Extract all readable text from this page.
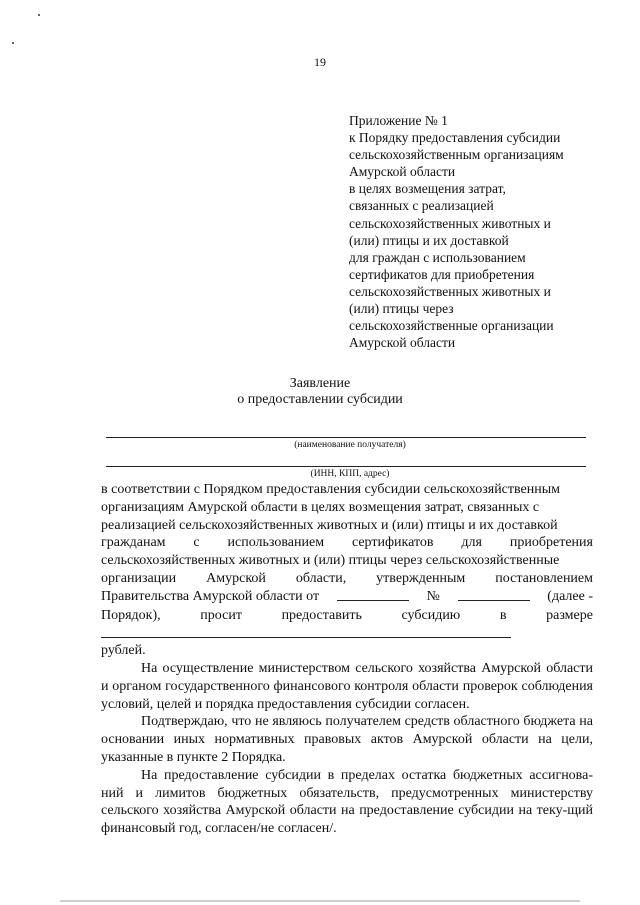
19
Приложение № 1
к Порядку предоставления субсидии
сельскохозяйственным организациям
Амурской области
в целях возмещения затрат,
связанных с реализацией
сельскохозяйственных животных и
(или) птицы и их доставкой
для граждан с использованием
сертификатов для приобретения
сельскохозяйственных животных и
(или) птицы через
сельскохозяйственные организации
Амурской области
Заявление
о предоставлении субсидии
(наименование получателя)
(ИНН, КПП, адрес)
в соответствии с Порядком предоставления субсидии сельскохозяйственным
организациям Амурской области в целях возмещения затрат, связанных с
реализацией сельскохозяйственных животных и (или) птицы и их доставкой
гражданам с использованием сертификатов для приобретения
сельскохозяйственных животных и (или) птицы через сельскохозяйственные
организации Амурской области, утвержденным постановлением
Правительства Амурской области от	№	(далее -
Порядок),	просит	предоставить	субсидию	в	размере
рублей.

На осуществление министерством сельского хозяйства Амурской области и органом государственного финансового контроля области проверок соблюдения условий, целей и порядка предоставления субсидии согласен.

Подтверждаю, что не являюсь получателем средств областного бюджета на основании иных нормативных правовых актов Амурской области на цели, указанные в пункте 2 Порядка.

На предоставление субсидии в пределах остатка бюджетных ассигнова-ний и лимитов бюджетных обязательств, предусмотренных министерству сельского хозяйства Амурской области на предоставление субсидии на теку-щий финансовый год, согласен/не согласен/.
